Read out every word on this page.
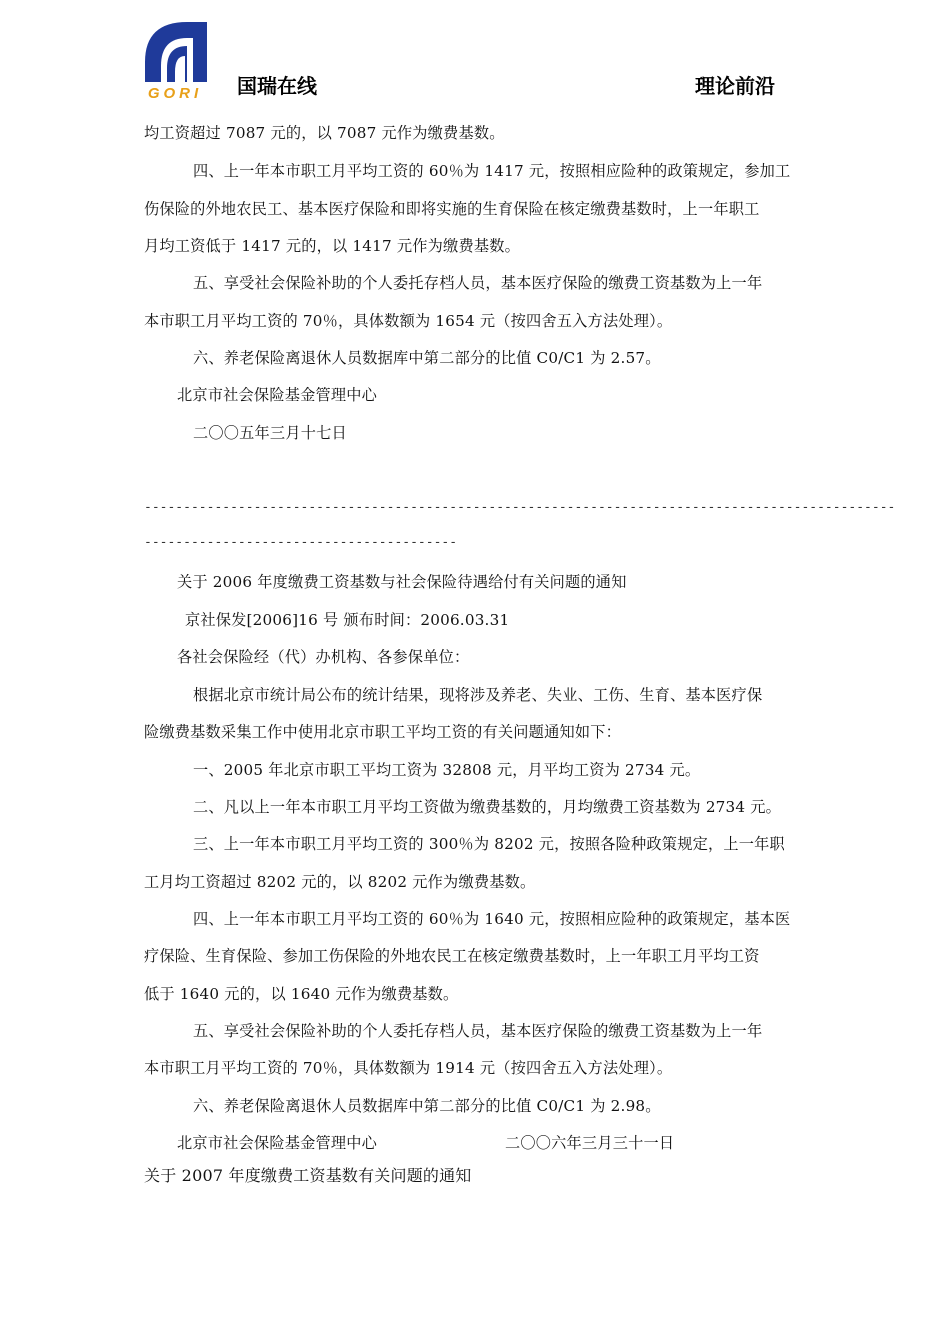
GORI 国瑞在线	理论前沿
均工资超过 7087 元的，以 7087 元作为缴费基数。
四、上一年本市职工月平均工资的 60％为 1417 元，按照相应险种的政策规定，参加工
伤保险的外地农民工、基本医疗保险和即将实施的生育保险在核定缴费基数时，上一年职工
月均工资低于 1417 元的，以 1417 元作为缴费基数。
五、享受社会保险补助的个人委托存档人员，基本医疗保险的缴费工资基数为上一年
本市职工月平均工资的 70％，具体数额为 1654 元（按四舍五入方法处理）。
六、养老保险离退休人员数据库中第二部分的比值 C0/C1 为 2.57。
北京市社会保险基金管理中心
二〇〇五年三月十七日
------------------------------------------------------------------------------------------------
----------------------------------------
关于 2006 年度缴费工资基数与社会保险待遇给付有关问题的通知
京社保发[2006]16 号 颁布时间：2006.03.31
各社会保险经（代）办机构、各参保单位：
根据北京市统计局公布的统计结果，现将涉及养老、失业、工伤、生育、基本医疗保
险缴费基数采集工作中使用北京市职工平均工资的有关问题通知如下：
一、2005 年北京市职工平均工资为 32808 元，月平均工资为 2734 元。
二、凡以上一年本市职工月平均工资做为缴费基数的，月均缴费工资基数为 2734 元。
三、上一年本市职工月平均工资的 300％为 8202 元，按照各险种政策规定，上一年职
工月均工资超过 8202 元的，以 8202 元作为缴费基数。
四、上一年本市职工月平均工资的 60％为 1640 元，按照相应险种的政策规定，基本医
疗保险、生育保险、参加工伤保险的外地农民工在核定缴费基数时，上一年职工月平均工资
低于 1640 元的，以 1640 元作为缴费基数。
五、享受社会保险补助的个人委托存档人员，基本医疗保险的缴费工资基数为上一年
本市职工月平均工资的 70％，具体数额为 1914 元（按四舍五入方法处理）。
六、养老保险离退休人员数据库中第二部分的比值 C0/C1 为 2.98。
北京市社会保险基金管理中心	二〇〇六年三月三十一日
关于 2007 年度缴费工资基数有关问题的通知
